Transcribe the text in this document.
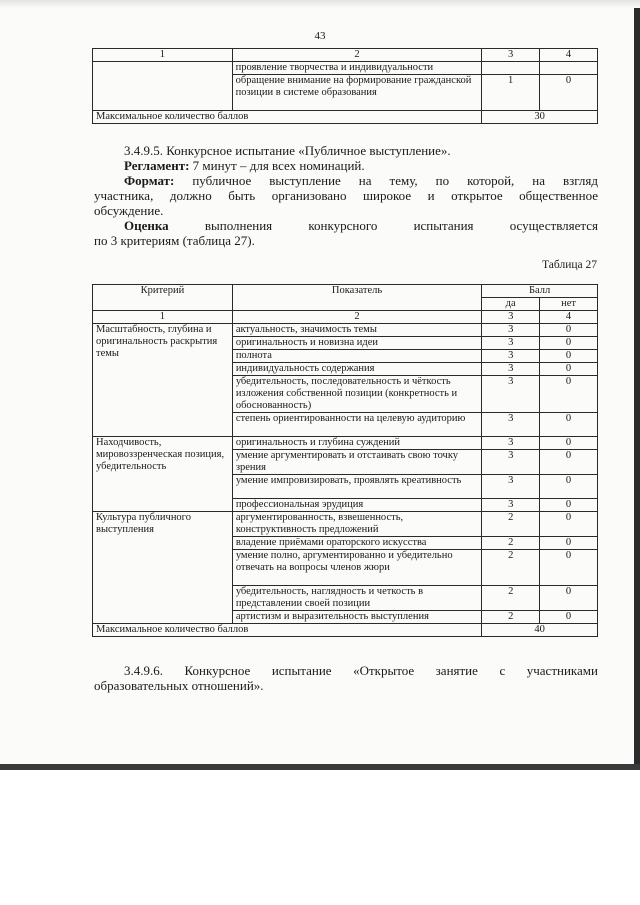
43
1	2	3	4
	проявление творчества и индивидуальности		
	обращение внимание на формирование гражданской позиции в системе образования	1	0
Максимальное количество баллов		30	

3.4.9.5. Конкурсное испытание «Публичное выступление».

Регламент: 7 минут – для всех номинаций.

Формат: публичное выступление на тему, по которой, на взгляд

участника, должно быть организовано широкое и открытое общественное

обсуждение.

Оценка	выполнения конкурсного испытания осуществляется

по 3 критериям (таблица 27).

Таблица 27
Критерий	Показатель	Балл	
		да	нет
1	2	3	4
Масштабность, глубина и оригинальность раскрытия темы	актуальность, значимость темы	3	0
	оригинальность и новизна идеи	3	0
	полнота	3	0
	индивидуальность содержания	3	0
	убедительность, последовательность и чёткость изложения собственной позиции (конкретность и обоснованность)	3	0
	степень ориентированности на целевую аудиторию	3	0
Находчивость, мировоззренческая позиция, убедительность	оригинальность и глубина суждений	3	0
	умение аргументировать и отстаивать свою точку зрения	3	0
	умение импровизировать, проявлять креативность	3	0
	профессиональная эрудиция	3	0
Культура публичного выступления	аргументированность, взвешенность, конструктивность предложений	2	0
	владение приёмами ораторского искусства	2	0
	умение полно, аргументированно и убедительно отвечать на вопросы членов жюри	2	0
	убедительность, наглядность и четкость в представлении своей позиции	2	0
	артистизм и выразительность выступления	2	0
Максимальное количество баллов		40	

3.4.9.6. Конкурсное испытание «Открытое занятие с участниками

образовательных отношений».
